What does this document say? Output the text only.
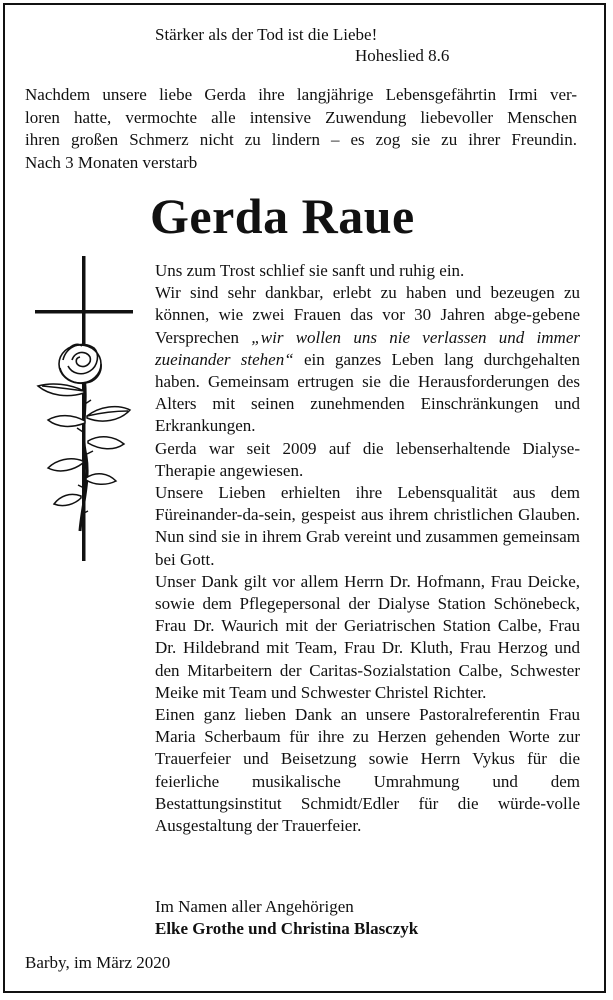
Stärker als der Tod ist die Liebe!
Hoheslied 8.6
Nachdem unsere liebe Gerda ihre langjährige Lebensgefährtin Irmi ver-
loren hatte, vermochte alle intensive Zuwendung liebevoller Menschen
ihren großen Schmerz nicht zu lindern – es zog sie zu ihrer Freundin.
Nach 3 Monaten verstarb
Gerda Raue

Uns zum Trost schlief sie sanft und ruhig ein.

Wir sind sehr dankbar, erlebt zu haben und bezeugen zu können, wie zwei Frauen das vor 30 Jahren abge-gebene Versprechen „wir wollen uns nie verlassen und immer zueinander stehen“ ein ganzes Leben lang durchgehalten haben. Gemeinsam ertrugen sie die Herausforderungen des Alters mit seinen zunehmenden Einschränkungen und Erkrankungen.

Gerda war seit 2009 auf die lebenserhaltende Dialyse-Therapie angewiesen.

Unsere Lieben erhielten ihre Lebensqualität aus dem Füreinander-da-sein, gespeist aus ihrem christlichen Glauben. Nun sind sie in ihrem Grab vereint und zusammen gemeinsam bei Gott.

Unser Dank gilt vor allem Herrn Dr. Hofmann, Frau Deicke, sowie dem Pflegepersonal der Dialyse Station Schönebeck, Frau Dr. Waurich mit der Geriatrischen Station Calbe, Frau Dr. Hildebrand mit Team, Frau Dr. Kluth, Frau Herzog und den Mitarbeitern der Caritas-Sozialstation Calbe, Schwester Meike mit Team und Schwester Christel Richter.

Einen ganz lieben Dank an unsere Pastoralreferentin Frau Maria Scherbaum für ihre zu Herzen gehenden Worte zur Trauerfeier und Beisetzung sowie Herrn Vykus für die feierliche musikalische Umrahmung und dem Bestattungsinstitut Schmidt/Edler für die würde-volle Ausgestaltung der Trauerfeier.

Im Namen aller Angehörigen
Elke Grothe und Christina Blasczyk
Barby, im März 2020
